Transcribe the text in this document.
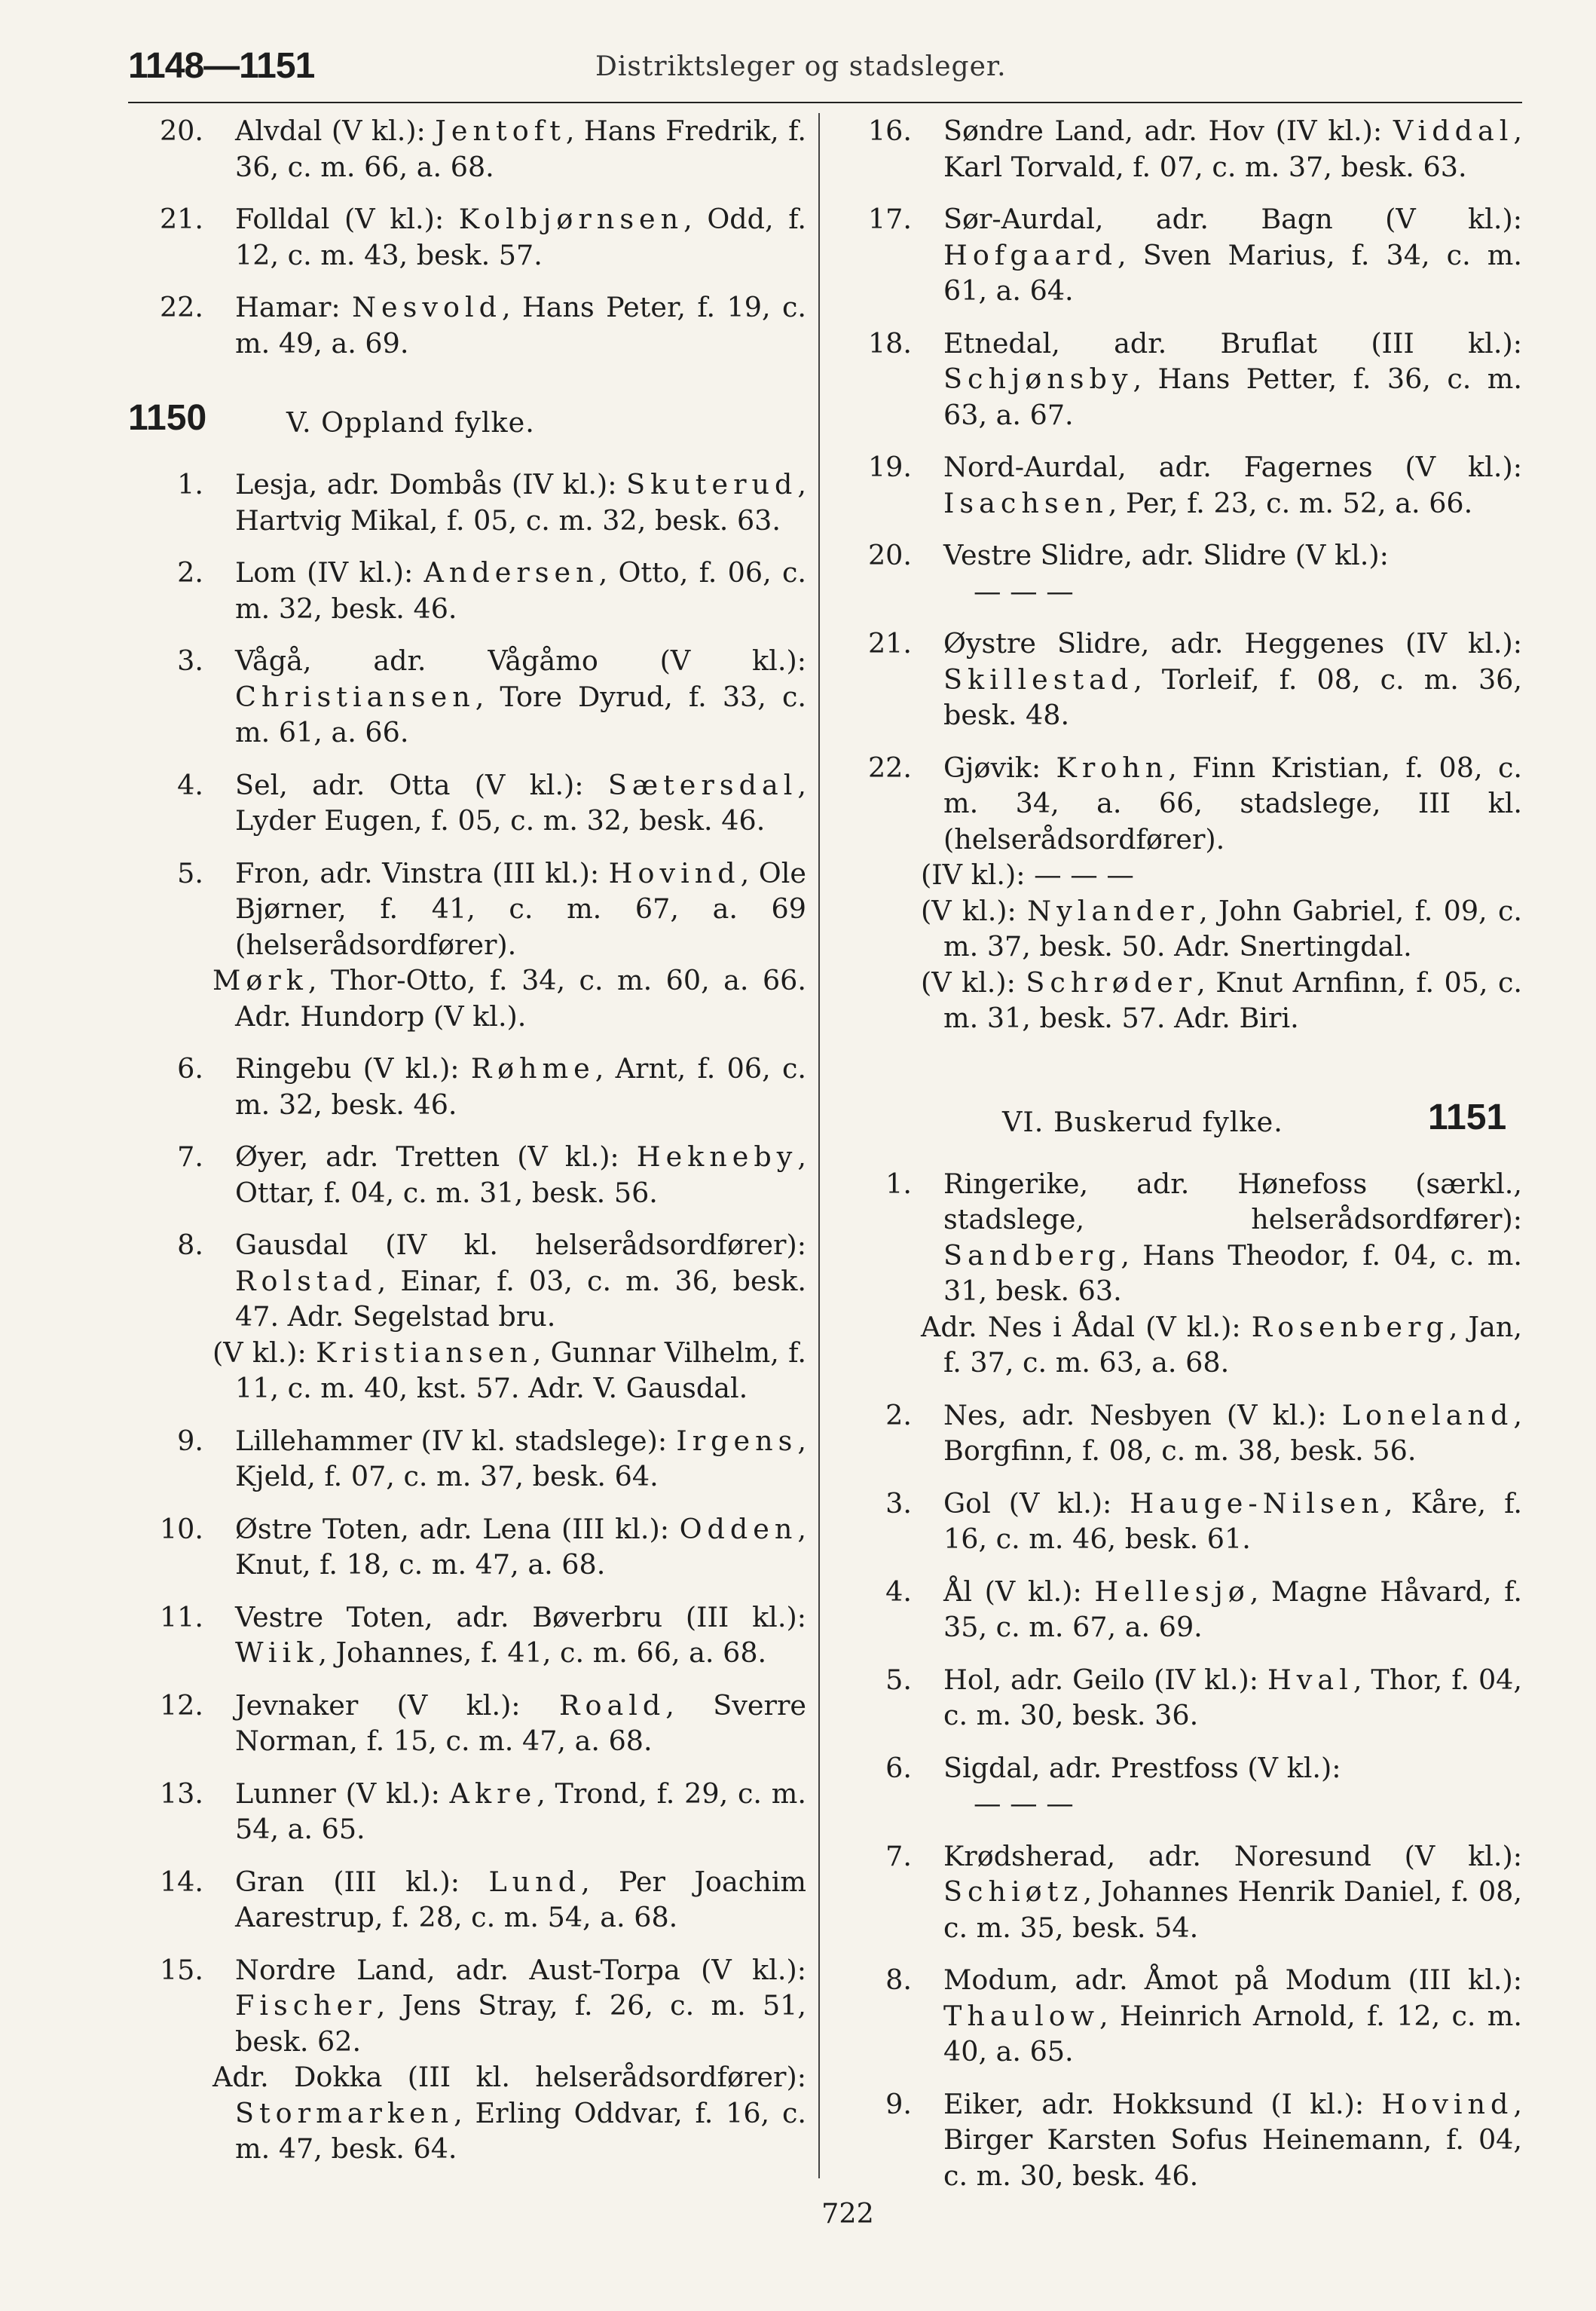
1148—1151	Distriktsleger og stadsleger.
20. Alvdal (V kl.): Jentoft, Hans Fredrik, f. 36, c. m. 66, a. 68.
21. Folldal (V kl.): Kolbjørnsen, Odd, f. 12, c. m. 43, besk. 57.
22. Hamar: Nesvold, Hans Peter, f. 19, c. m. 49, a. 69.
1150	V. Oppland fylke.
1. Lesja, adr. Dombås (IV kl.): Skuterud, Hartvig Mikal, f. 05, c. m. 32, besk. 63.
2. Lom (IV kl.): Andersen, Otto, f. 06, c. m. 32, besk. 46.
3. Vågå, adr. Vågåmo (V kl.): Christiansen, Tore Dyrud, f. 33, c. m. 61, a. 66.
4. Sel, adr. Otta (V kl.): Sætersdal, Lyder Eugen, f. 05, c. m. 32, besk. 46.
5. Fron, adr. Vinstra (III kl.): Hovind, Ole Bjørner, f. 41, c. m. 67, a. 69 (helserådsordfører).
Mørk, Thor-Otto, f. 34, c. m. 60, a. 66. Adr. Hundorp (V kl.).
6. Ringebu (V kl.): Røhme, Arnt, f. 06, c. m. 32, besk. 46.
7. Øyer, adr. Tretten (V kl.): Hekneby, Ottar, f. 04, c. m. 31, besk. 56.
8. Gausdal (IV kl. helserådsordfører): Rolstad, Einar, f. 03, c. m. 36, besk. 47. Adr. Segelstad bru.
(V kl.): Kristiansen, Gunnar Vilhelm, f. 11, c. m. 40, kst. 57. Adr. V. Gausdal.
9. Lillehammer (IV kl. stadslege): Irgens, Kjeld, f. 07, c. m. 37, besk. 64.
10. Østre Toten, adr. Lena (III kl.): Odden, Knut, f. 18, c. m. 47, a. 68.
11. Vestre Toten, adr. Bøverbru (III kl.): Wiik, Johannes, f. 41, c. m. 66, a. 68.
12. Jevnaker (V kl.): Roald, Sverre Norman, f. 15, c. m. 47, a. 68.
13. Lunner (V kl.): Akre, Trond, f. 29, c. m. 54, a. 65.
14. Gran (III kl.): Lund, Per Joachim Aarestrup, f. 28, c. m. 54, a. 68.
15. Nordre Land, adr. Aust-Torpa (V kl.): Fischer, Jens Stray, f. 26, c. m. 51, besk. 62.
Adr. Dokka (III kl. helserådsordfører): Stormarken, Erling Oddvar, f. 16, c. m. 47, besk. 64.
16. Søndre Land, adr. Hov (IV kl.): Viddal, Karl Torvald, f. 07, c. m. 37, besk. 63.
17. Sør-Aurdal, adr. Bagn (V kl.): Hofgaard, Sven Marius, f. 34, c. m. 61, a. 64.
18. Etnedal, adr. Bruflat (III kl.): Schjønsby, Hans Petter, f. 36, c. m. 63, a. 67.
19. Nord-Aurdal, adr. Fagernes (V kl.): Isachsen, Per, f. 23, c. m. 52, a. 66.
20. Vestre Slidre, adr. Slidre (V kl.):
— — —
21. Øystre Slidre, adr. Heggenes (IV kl.): Skillestad, Torleif, f. 08, c. m. 36, besk. 48.
22. Gjøvik: Krohn, Finn Kristian, f. 08, c. m. 34, a. 66, stadslege, III kl. (helserådsordfører).
(IV kl.): — — —
(V kl.): Nylander, John Gabriel, f. 09, c. m. 37, besk. 50. Adr. Snertingdal.
(V kl.): Schrøder, Knut Arnfinn, f. 05, c. m. 31, besk. 57. Adr. Biri.
VI. Buskerud fylke.	1151
1. Ringerike, adr. Hønefoss (særkl., stadslege, helserådsordfører): Sandberg, Hans Theodor, f. 04, c. m. 31, besk. 63.
Adr. Nes i Ådal (V kl.): Rosenberg, Jan, f. 37, c. m. 63, a. 68.
2. Nes, adr. Nesbyen (V kl.): Loneland, Borgfinn, f. 08, c. m. 38, besk. 56.
3. Gol (V kl.): Hauge-Nilsen, Kåre, f. 16, c. m. 46, besk. 61.
4. Ål (V kl.): Hellesjø, Magne Håvard, f. 35, c. m. 67, a. 69.
5. Hol, adr. Geilo (IV kl.): Hval, Thor, f. 04, c. m. 30, besk. 36.
6. Sigdal, adr. Prestfoss (V kl.):
— — —
7. Krødsherad, adr. Noresund (V kl.): Schiøtz, Johannes Henrik Daniel, f. 08, c. m. 35, besk. 54.
8. Modum, adr. Åmot på Modum (III kl.): Thaulow, Heinrich Arnold, f. 12, c. m. 40, a. 65.
9. Eiker, adr. Hokksund (I kl.): Hovind, Birger Karsten Sofus Heinemann, f. 04, c. m. 30, besk. 46.
722
